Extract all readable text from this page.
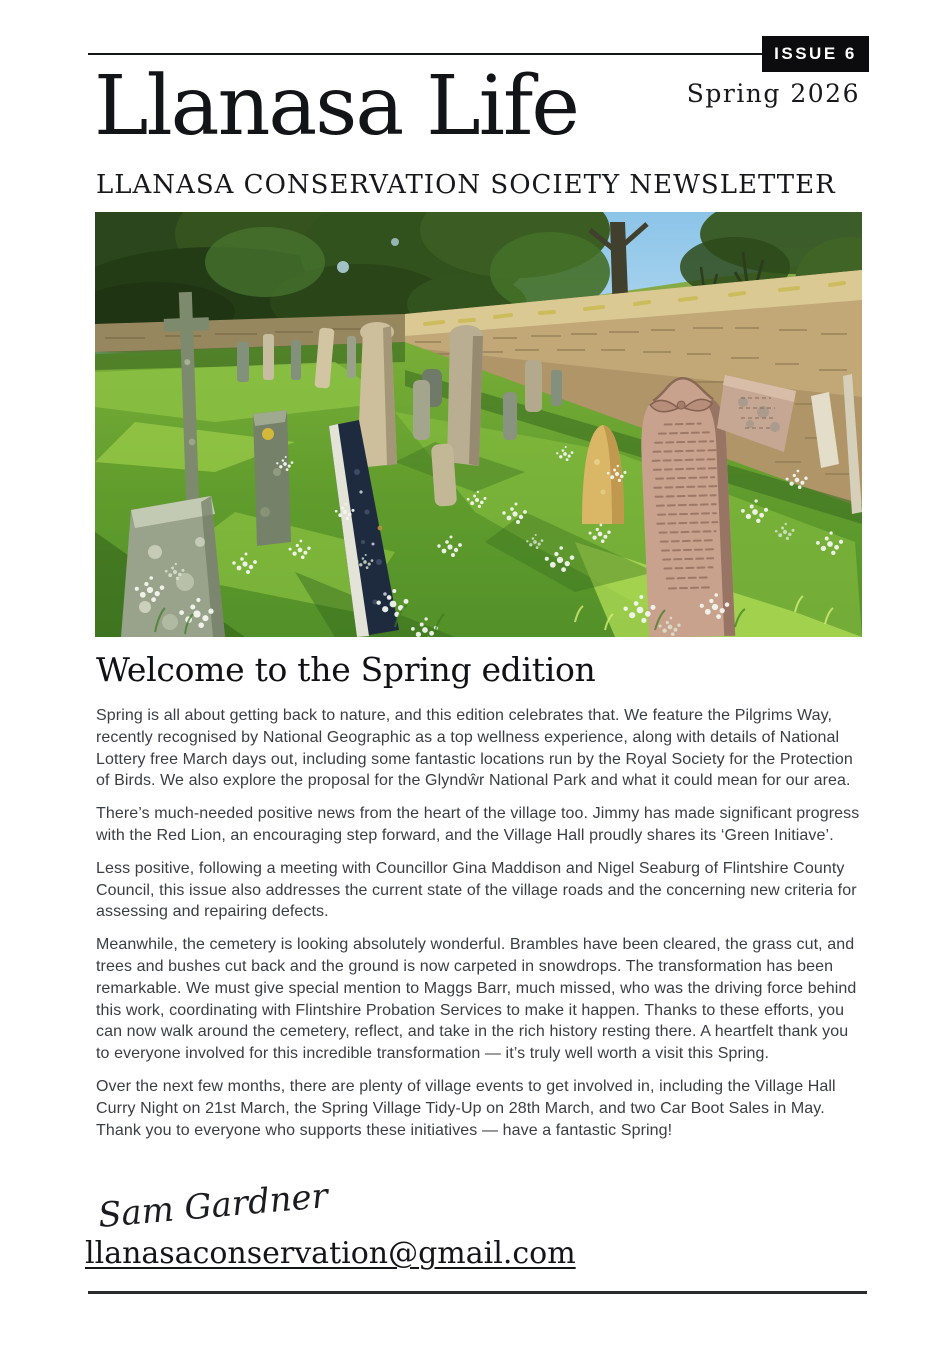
ISSUE 6
Spring 2026
Llanasa Life
LLANASA CONSERVATION SOCIETY NEWSLETTER
Welcome to the Spring edition

Spring is all about getting back to nature, and this edition celebrates that. We feature the Pilgrims Way, recently recognised by National Geographic as a top wellness experience, along with details of National Lottery free March days out, including some fantastic locations run by the Royal Society for the Protection of Birds. We also explore the proposal for the Glyndŵr National Park and what it could mean for our area.

There’s much-needed positive news from the heart of the village too. Jimmy has made significant progress with the Red Lion, an encouraging step forward, and the Village Hall proudly shares its ‘Green Initiave’.

Less positive, following a meeting with Councillor Gina Maddison and Nigel Seaburg of Flintshire County Council, this issue also addresses the current state of the village roads and the concerning new criteria for assessing and repairing defects.

Meanwhile, the cemetery is looking absolutely wonderful. Brambles have been cleared, the grass cut, and trees and bushes cut back and the ground is now carpeted in snowdrops. The transformation has been remarkable. We must give special mention to Maggs Barr, much missed, who was the driving force behind this work, coordinating with Flintshire Probation Services to make it happen. Thanks to these efforts, you can now walk around the cemetery, reflect, and take in the rich history resting there. A heartfelt thank you to everyone involved for this incredible transformation — it’s truly well worth a visit this Spring.

Over the next few months, there are plenty of village events to get involved in, including the Village Hall Curry Night on 21st March, the Spring Village Tidy-Up on 28th March, and two Car Boot Sales in May. Thank you to everyone who supports these initiatives — have a fantastic Spring!

Sam Gardner
llanasaconservation@gmail.com
